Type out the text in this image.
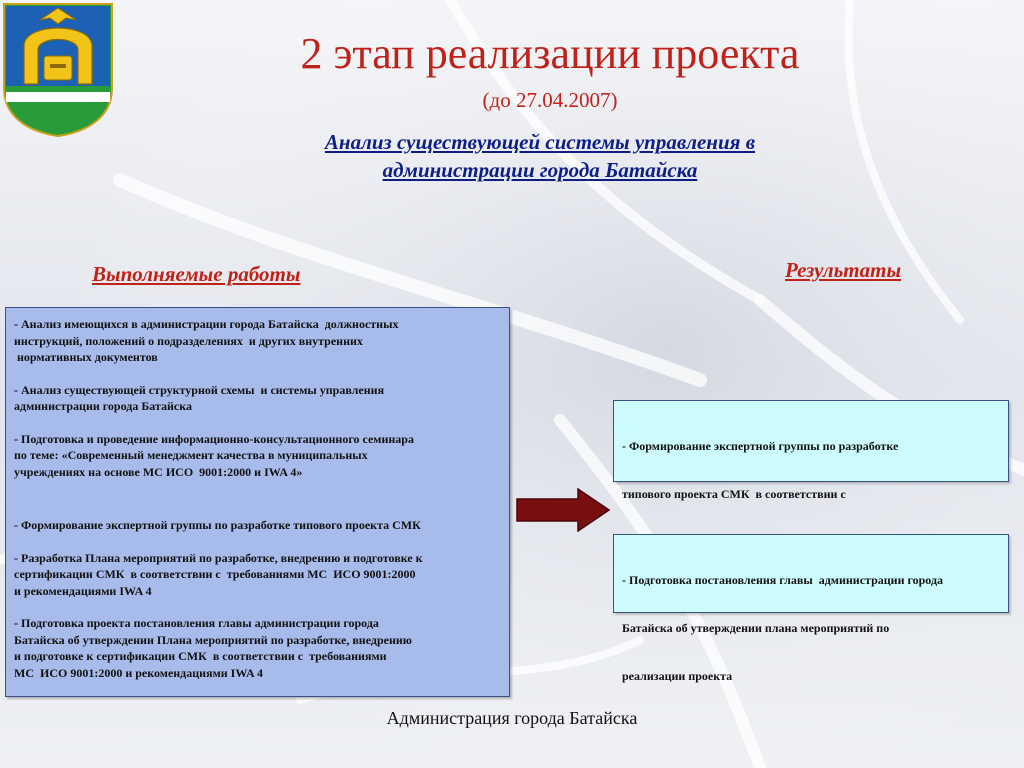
2 этап реализации проекта
(до 27.04.2007)
Анализ существующей системы управления в
администрации города Батайска
Выполняемые работы	Результаты

- Анализ имеющихся в администрации города Батайска  должностных

инструкций, положений о подразделениях  и других внутренних

нормативных документов

- Анализ существующей структурной схемы  и системы управления

администрации города Батайска

- Подготовка и проведение информационно-консультационного семинара

по теме: «Современный менеджмент качества в муниципальных

учреждениях на основе МС ИСО  9001:2000 и IWA 4»

- Формирование экспертной группы по разработке типового проекта СМК

- Разработка Плана мероприятий по разработке, внедрению и подготовке к

сертификации СМК  в соответствии с  требованиями МС  ИСО 9001:2000

и рекомендациями IWA 4

- Подготовка проекта постановления главы администрации города

Батайска об утверждении Плана мероприятий по разработке, внедрению

и подготовке к сертификации СМК  в соответствии с  требованиями

МС  ИСО 9001:2000 и рекомендациями IWA 4

- Формирование экспертной группы по разработке

типового проекта СМК  в соответствии с

- Подготовка постановления главы  администрации города

Батайска об утверждении плана мероприятий по

реализации проекта

Администрация города Батайска
